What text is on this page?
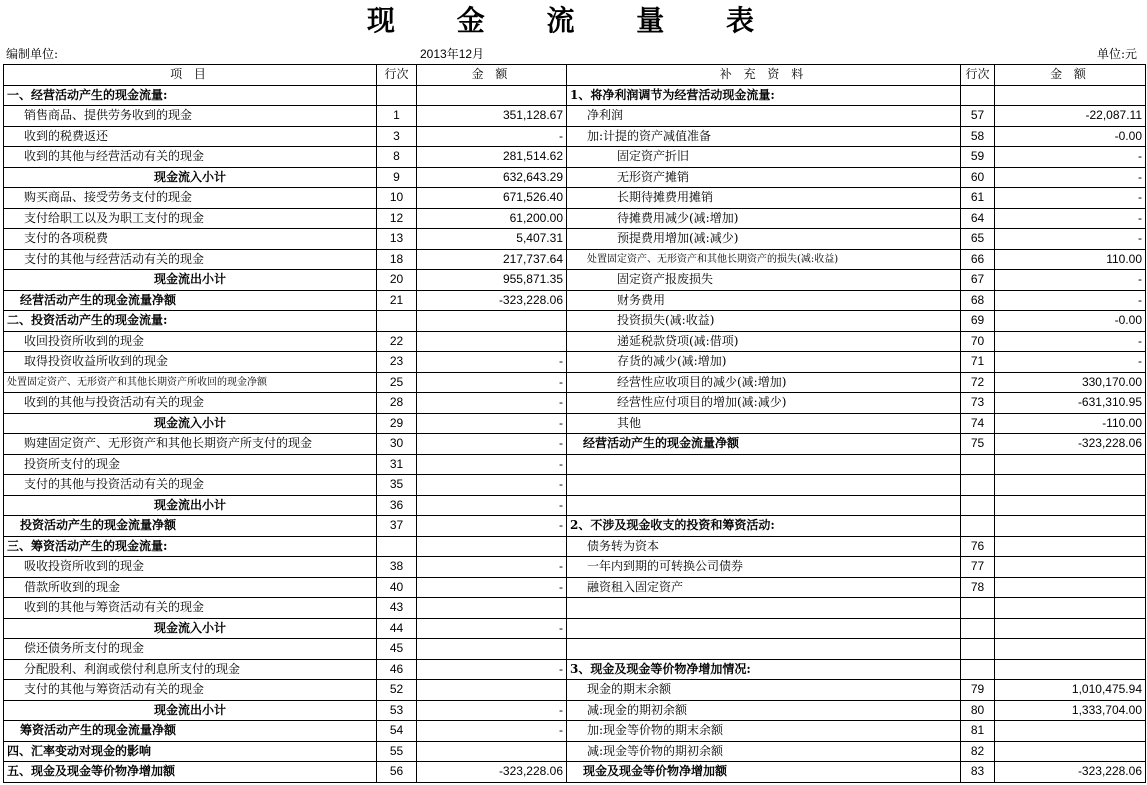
现 金 流 量 表
编制单位:	2013年12月	单位:元
项 目	行次	金 额	补 充 资 料	行次	金 额
一、经营活动产生的现金流量:			1、将净利润调节为经营活动现金流量:		
销售商品、提供劳务收到的现金	1	351,128.67	净利润	57	-22,087.11
收到的税费返还	3	-	加:计提的资产减值准备	58	-0.00
收到的其他与经营活动有关的现金	8	281,514.62	固定资产折旧	59	-
现金流入小计	9	632,643.29	无形资产摊销	60	-
购买商品、接受劳务支付的现金	10	671,526.40	长期待摊费用摊销	61	-
支付给职工以及为职工支付的现金	12	61,200.00	待摊费用减少(减:增加)	64	-
支付的各项税费	13	5,407.31	预提费用增加(减:减少)	65	-
支付的其他与经营活动有关的现金	18	217,737.64	处置固定资产、无形资产和其他长期资产的损失(减:收益)	66	110.00
现金流出小计	20	955,871.35	固定资产报废损失	67	-
经营活动产生的现金流量净额	21	-323,228.06	财务费用	68	-
二、投资活动产生的现金流量:			投资损失(减:收益)	69	-0.00
收回投资所收到的现金	22		递延税款贷项(减:借项)	70	-
取得投资收益所收到的现金	23	-	存货的减少(减:增加)	71	-
处置固定资产、无形资产和其他长期资产所收回的现金净额	25	-	经营性应收项目的减少(减:增加)	72	330,170.00
收到的其他与投资活动有关的现金	28	-	经营性应付项目的增加(减:减少)	73	-631,310.95
现金流入小计	29	-	其他	74	-110.00
购建固定资产、无形资产和其他长期资产所支付的现金	30	-	经营活动产生的现金流量净额	75	-323,228.06
投资所支付的现金	31	-			
支付的其他与投资活动有关的现金	35	-			
现金流出小计	36	-			
投资活动产生的现金流量净额	37	-	2、不涉及现金收支的投资和筹资活动:		
三、筹资活动产生的现金流量:			债务转为资本	76	
吸收投资所收到的现金	38	-	一年内到期的可转换公司债券	77	
借款所收到的现金	40	-	融资租入固定资产	78	
收到的其他与筹资活动有关的现金	43				
现金流入小计	44	-			
偿还债务所支付的现金	45				
分配股利、利润或偿付利息所支付的现金	46	-	3、现金及现金等价物净增加情况:		
支付的其他与筹资活动有关的现金	52		现金的期末余额	79	1,010,475.94
现金流出小计	53	-	减:现金的期初余额	80	1,333,704.00
筹资活动产生的现金流量净额	54	-	加:现金等价物的期末余额	81	
四、汇率变动对现金的影响	55		减:现金等价物的期初余额	82	
五、现金及现金等价物净增加额	56	-323,228.06	现金及现金等价物净增加额	83	-323,228.06
